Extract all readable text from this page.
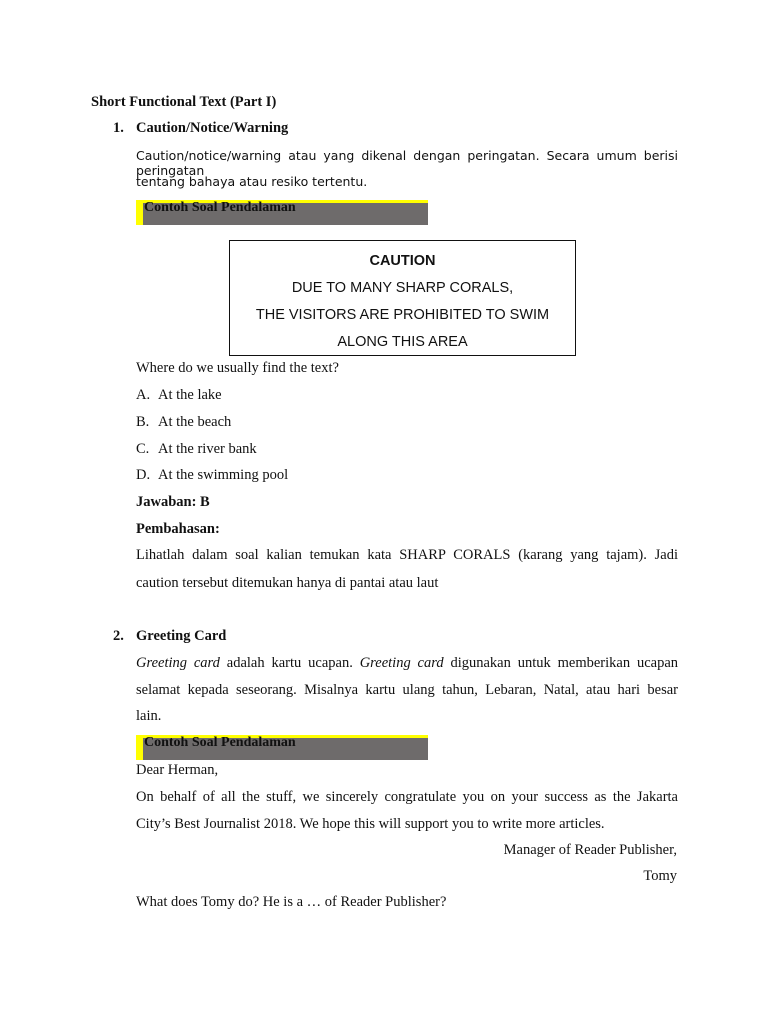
Short Functional Text (Part I)
1. Caution/Notice/Warning
Caution/notice/warning atau yang dikenal dengan peringatan. Secara umum berisi peringatan
tentang bahaya atau resiko tertentu.
Contoh Soal Pendalaman
CAUTION
DUE TO MANY SHARP CORALS,
THE VISITORS ARE PROHIBITED TO SWIM
ALONG THIS AREA
Where do we usually find the text?
A. At the lake
B. At the beach
C. At the river bank
D. At the swimming pool
Jawaban: B
Pembahasan:
Lihatlah dalam soal kalian temukan kata SHARP CORALS (karang yang tajam). Jadi
caution tersebut ditemukan hanya di pantai atau laut
2. Greeting Card
Greeting card adalah kartu ucapan. Greeting card digunakan untuk memberikan ucapan
selamat kepada seseorang. Misalnya kartu ulang tahun, Lebaran, Natal, atau hari besar
lain.
Contoh Soal Pendalaman
Dear Herman,
On behalf of all the stuff, we sincerely congratulate you on your success as the Jakarta
City’s Best Journalist 2018. We hope this will support you to write more articles.
Manager of Reader Publisher,
Tomy
What does Tomy do? He is a … of Reader Publisher?
